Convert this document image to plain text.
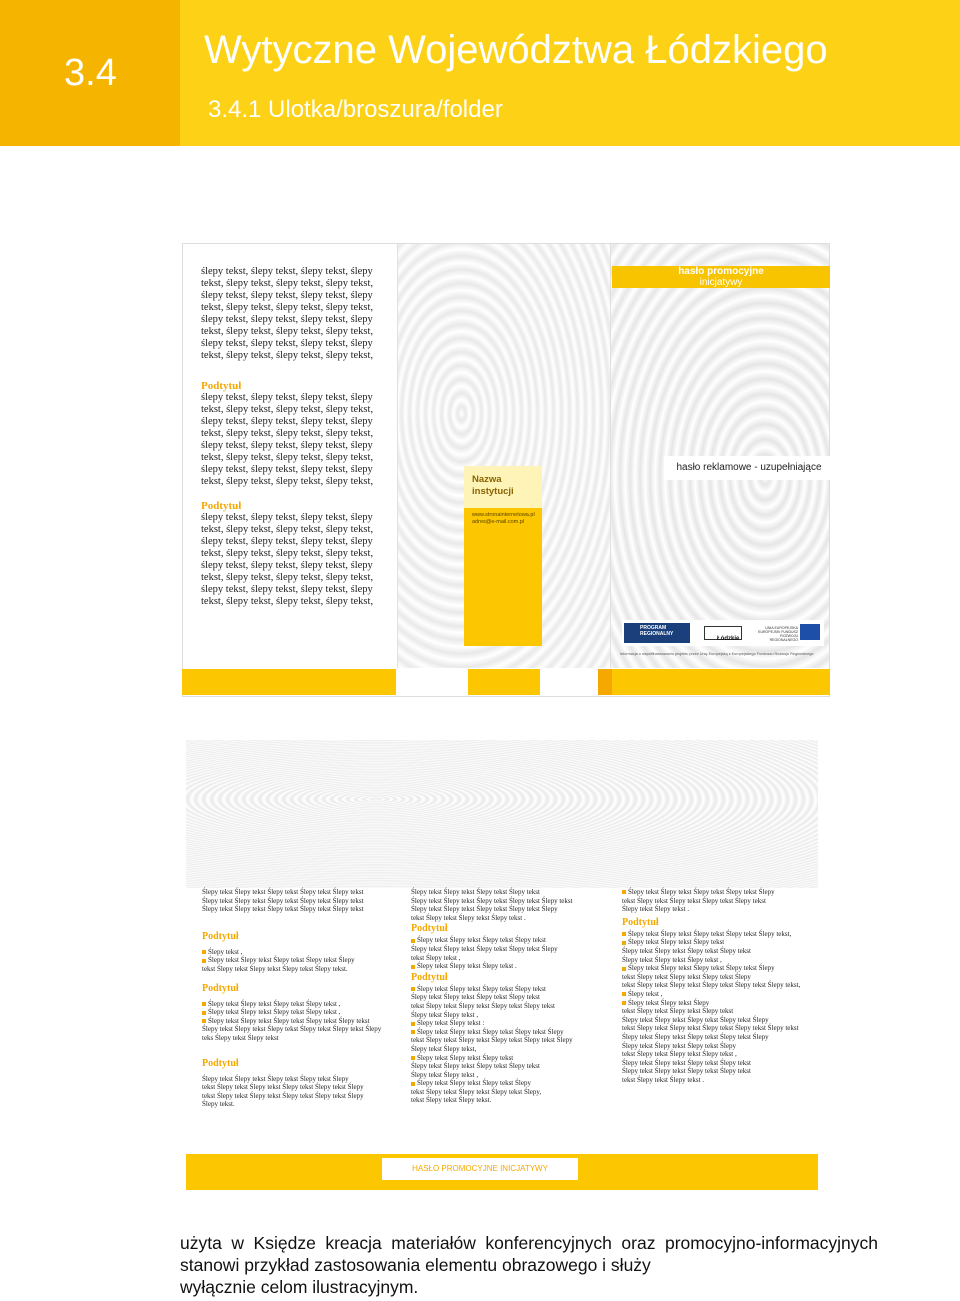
3.4
Wytyczne Województwa Łódzkiego
3.4.1 Ulotka/broszura/folder
ślepy tekst, ślepy tekst, ślepy tekst, ślepy tekst, ślepy tekst, ślepy tekst, ślepy tekst, ślepy tekst, ślepy tekst, ślepy tekst, ślepy tekst, ślepy tekst, ślepy tekst, ślepy tekst, ślepy tekst, ślepy tekst, ślepy tekst, ślepy tekst, ślepy tekst, ślepy tekst, ślepy tekst, ślepy tekst, ślepy tekst, ślepy tekst, ślepy tekst, ślepy tekst, ślepy tekst, ślepy tekst,
Podtytuł
ślepy tekst, ślepy tekst, ślepy tekst, ślepy tekst, ślepy tekst, ślepy tekst, ślepy tekst, ślepy tekst, ślepy tekst, ślepy tekst, ślepy tekst, ślepy tekst, ślepy tekst, ślepy tekst, ślepy tekst, ślepy tekst, ślepy tekst, ślepy tekst, ślepy tekst, ślepy tekst, ślepy tekst, ślepy tekst, ślepy tekst, ślepy tekst, ślepy tekst, ślepy tekst, ślepy tekst, ślepy tekst,
Podtytuł
ślepy tekst, ślepy tekst, ślepy tekst, ślepy tekst, ślepy tekst, ślepy tekst, ślepy tekst, ślepy tekst, ślepy tekst, ślepy tekst, ślepy tekst, ślepy tekst, ślepy tekst, ślepy tekst, ślepy tekst, ślepy tekst, ślepy tekst, ślepy tekst, ślepy tekst, ślepy tekst, ślepy tekst, ślepy tekst, ślepy tekst, ślepy tekst, ślepy tekst, ślepy tekst, ślepy tekst, ślepy tekst,
Nazwa instytucji
www.stronainternetowa.pl
adres@e-mail.com.pl
hasło promocyjne
inicjatywy
hasło reklamowe - uzupełniające
PROGRAM REGIONALNY
Łódzkie
UNIA EUROPEJSKA EUROPEJSKI FUNDUSZ ROZWOJU REGIONALNEGO
Informacja o współfinansowaniu projektu przez Unię Europejską z Europejskiego Funduszu Rozwoju Regionalnego
Ślepy tekst Ślepy tekst Ślepy tekst Ślepy tekst Ślepy tekst
Ślepy tekst Ślepy tekst Ślepy tekst Ślepy tekst Ślepy tekst
Ślepy tekst Ślepy tekst Ślepy tekst Ślepy tekst Ślepy tekst
Podtytuł
Ślepy tekst ,
Ślepy tekst Ślepy tekst Ślepy tekst Ślepy tekst Ślepy
tekst Ślepy tekst Ślepy tekst Ślepy tekst Ślepy tekst.
Podtytuł
Ślepy tekst Ślepy tekst Ślepy tekst Ślepy tekst ,
Ślepy tekst Ślepy tekst Ślepy tekst Ślepy tekst ,
Ślepy tekst Ślepy tekst Ślepy tekst Ślepy tekst Ślepy tekst
Ślepy tekst Ślepy tekst Ślepy tekst Ślepy tekst Ślepy tekst Ślepy
teks Ślepy tekst Ślepy tekst
Podtytuł
Ślepy tekst Ślepy tekst Ślepy tekst Ślepy tekst Ślepy
tekst Ślepy tekst Ślepy tekst Ślepy tekst Ślepy tekst Ślepy
tekst Ślepy tekst Ślepy tekst Ślepy tekst Ślepy tekst Ślepy
Ślepy tekst.
Ślepy tekst Ślepy tekst Ślepy tekst Ślepy tekst
Ślepy tekst Ślepy tekst Ślepy tekst Ślepy tekst Ślepy tekst
Ślepy tekst Ślepy tekst Ślepy tekst Ślepy tekst Ślepy
tekst Ślepy tekst Ślepy tekst Ślepy tekst .
Podtytuł
Ślepy tekst Ślepy tekst Ślepy tekst Ślepy tekst
Ślepy tekst Ślepy tekst Ślepy tekst Ślepy tekst Ślepy
tekst Ślepy tekst ,
Ślepy tekst Ślepy tekst Ślepy tekst .
Podtytuł
Ślepy tekst Ślepy tekst Ślepy tekst Ślepy tekst
Ślepy tekst Ślepy tekst Ślepy tekst Ślepy tekst
tekst Ślepy tekst Ślepy tekst Ślepy tekst Ślepy tekst
Ślepy tekst Ślepy tekst ,
Ślepy tekst Ślepy tekst :
Ślepy tekst Ślepy tekst Ślepy tekst Ślepy tekst Ślepy
tekst Ślepy tekst Ślepy tekst Ślepy tekst Ślepy tekst Ślepy
Ślepy tekst Ślepy tekst,
Ślepy tekst Ślepy tekst Ślepy tekst
Ślepy tekst Ślepy tekst Ślepy tekst Ślepy tekst
Ślepy tekst Ślepy tekst ,
Ślepy tekst Ślepy tekst Ślepy tekst Ślepy
tekst Ślepy tekst Ślepy tekst Ślepy tekst Ślepy,
tekst Ślepy tekst Ślepy tekst.
Ślepy tekst Ślepy tekst Ślepy tekst Ślepy tekst Ślepy
tekst Ślepy tekst Ślepy tekst Ślepy tekst Ślepy tekst
Ślepy tekst Ślepy tekst .
Podtytuł
Ślepy tekst Ślepy tekst Ślepy tekst Ślepy tekst Ślepy tekst,
Ślepy tekst Ślepy tekst Ślepy tekst
Ślepy tekst Ślepy tekst Ślepy tekst Ślepy tekst
Ślepy tekst Ślepy tekst Ślepy tekst ,
Ślepy tekst Ślepy tekst Ślepy tekst Ślepy tekst Ślepy
tekst Ślepy tekst Ślepy tekst Ślepy tekst Ślepy
tekst Ślepy tekst Ślepy tekst Ślepy tekst Ślepy tekst Ślepy tekst,
Ślepy tekst ,
Ślepy tekst Ślepy tekst Ślepy
tekst Ślepy tekst Ślepy tekst Ślepy tekst
Ślepy tekst Ślepy tekst Ślepy tekst Ślepy tekst Ślepy
tekst Ślepy tekst Ślepy tekst Ślepy tekst Ślepy tekst Ślepy tekst
Ślepy tekst Ślepy tekst Ślepy tekst Ślepy tekst Ślepy
Ślepy tekst Ślepy tekst Ślepy tekst Ślepy
tekst Ślepy tekst Ślepy tekst Ślepy tekst ,
Ślepy tekst Ślepy tekst Ślepy tekst Ślepy tekst
Ślepy tekst Ślepy tekst Ślepy tekst Ślepy tekst
tekst Ślepy tekst Ślepy tekst .
HASŁO PROMOCYJNE INICJATYWY
użyta w Księdze kreacja materiałów konferencyjnych oraz promocyjno-informacyjnych stanowi przykład zastosowania elementu obrazowego i służy
wyłącznie celom ilustracyjnym.
